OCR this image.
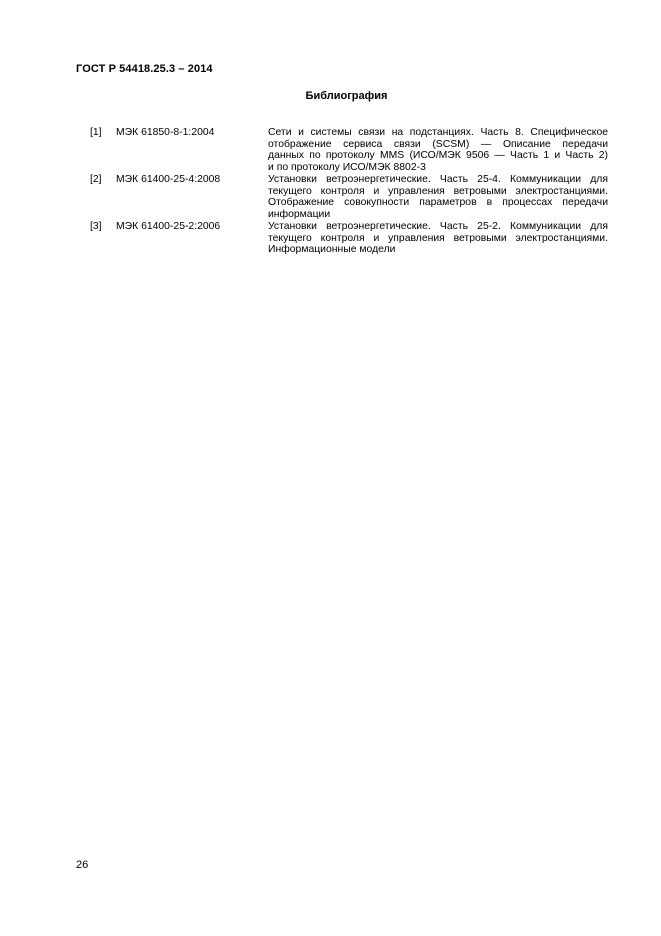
ГОСТ Р 54418.25.3 – 2014
Библиография
[1]	МЭК 61850-8-1:2004	Сети и системы связи на подстанциях. Часть 8. Специфическое
отображение сервиса связи (SCSM) — Описание передачи
данных по протоколу MMS (ИСО/МЭК 9506 — Часть 1 и Часть 2)
и по протоколу ИСО/МЭК 8802-3
[2]	МЭК 61400-25-4:2008	Установки ветроэнергетические. Часть 25-4. Коммуникации для
текущего контроля и управления ветровыми электростанциями.
Отображение совокупности параметров в процессах передачи
информации
[3]	МЭК 61400-25-2:2006	Установки ветроэнергетические. Часть 25-2. Коммуникации для
текущего контроля и управления ветровыми электростанциями.
Информационные модели
26
